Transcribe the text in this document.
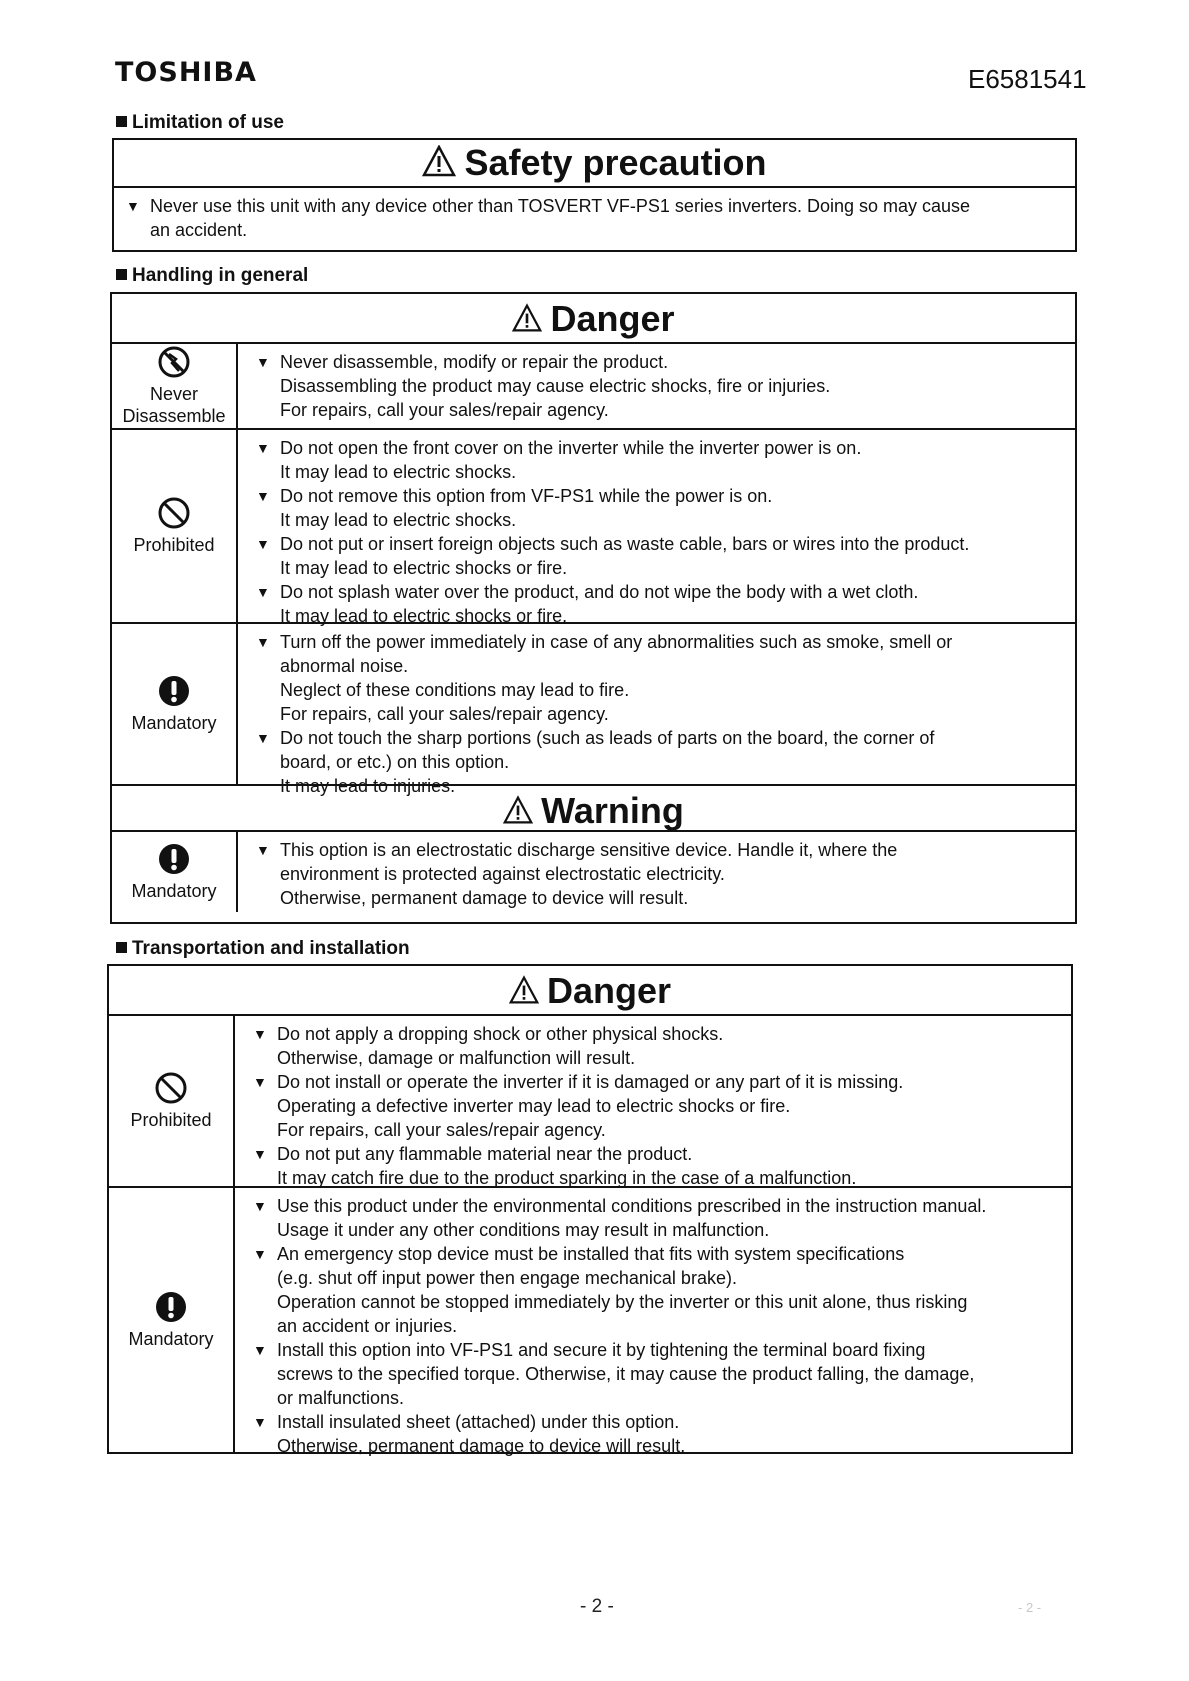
TOSHIBA	E6581541
Limitation of use
Safety precaution
▼ Never use this unit with any device other than TOSVERT VF-PS1 series inverters. Doing so may cause
an accident.
Handling in general
Danger
Never
Disassemble
▼ Never disassemble, modify or repair the product.
Disassembling the product may cause electric shocks, fire or injuries.
For repairs, call your sales/repair agency.
Prohibited
▼ Do not open the front cover on the inverter while the inverter power is on.
It may lead to electric shocks.
▼ Do not remove this option from VF-PS1 while the power is on.
It may lead to electric shocks.
▼ Do not put or insert foreign objects such as waste cable, bars or wires into the product.
It may lead to electric shocks or fire.
▼ Do not splash water over the product, and do not wipe the body with a wet cloth.
It may lead to electric shocks or fire.
Mandatory
▼ Turn off the power immediately in case of any abnormalities such as smoke, smell or
abnormal noise.
Neglect of these conditions may lead to fire.
For repairs, call your sales/repair agency.
▼ Do not touch the sharp portions (such as leads of parts on the board, the corner of
board, or etc.) on this option.
It may lead to injuries.
Warning
Mandatory
▼ This option is an electrostatic discharge sensitive device. Handle it, where the
environment is protected against electrostatic electricity.
Otherwise, permanent damage to device will result.
Transportation and installation
Danger
Prohibited
▼ Do not apply a dropping shock or other physical shocks.
Otherwise, damage or malfunction will result.
▼ Do not install or operate the inverter if it is damaged or any part of it is missing.
Operating a defective inverter may lead to electric shocks or fire.
For repairs, call your sales/repair agency.
▼ Do not put any flammable material near the product.
It may catch fire due to the product sparking in the case of a malfunction.
Mandatory
▼ Use this product under the environmental conditions prescribed in the instruction manual.
Usage it under any other conditions may result in malfunction.
▼ An emergency stop device must be installed that fits with system specifications
(e.g. shut off input power then engage mechanical brake).
Operation cannot be stopped immediately by the inverter or this unit alone, thus risking
an accident or injuries.
▼ Install this option into VF-PS1 and secure it by tightening the terminal board fixing
screws to the specified torque. Otherwise, it may cause the product falling, the damage,
or malfunctions.
▼ Install insulated sheet (attached) under this option.
Otherwise, permanent damage to device will result.
- 2 -	- 2 -
